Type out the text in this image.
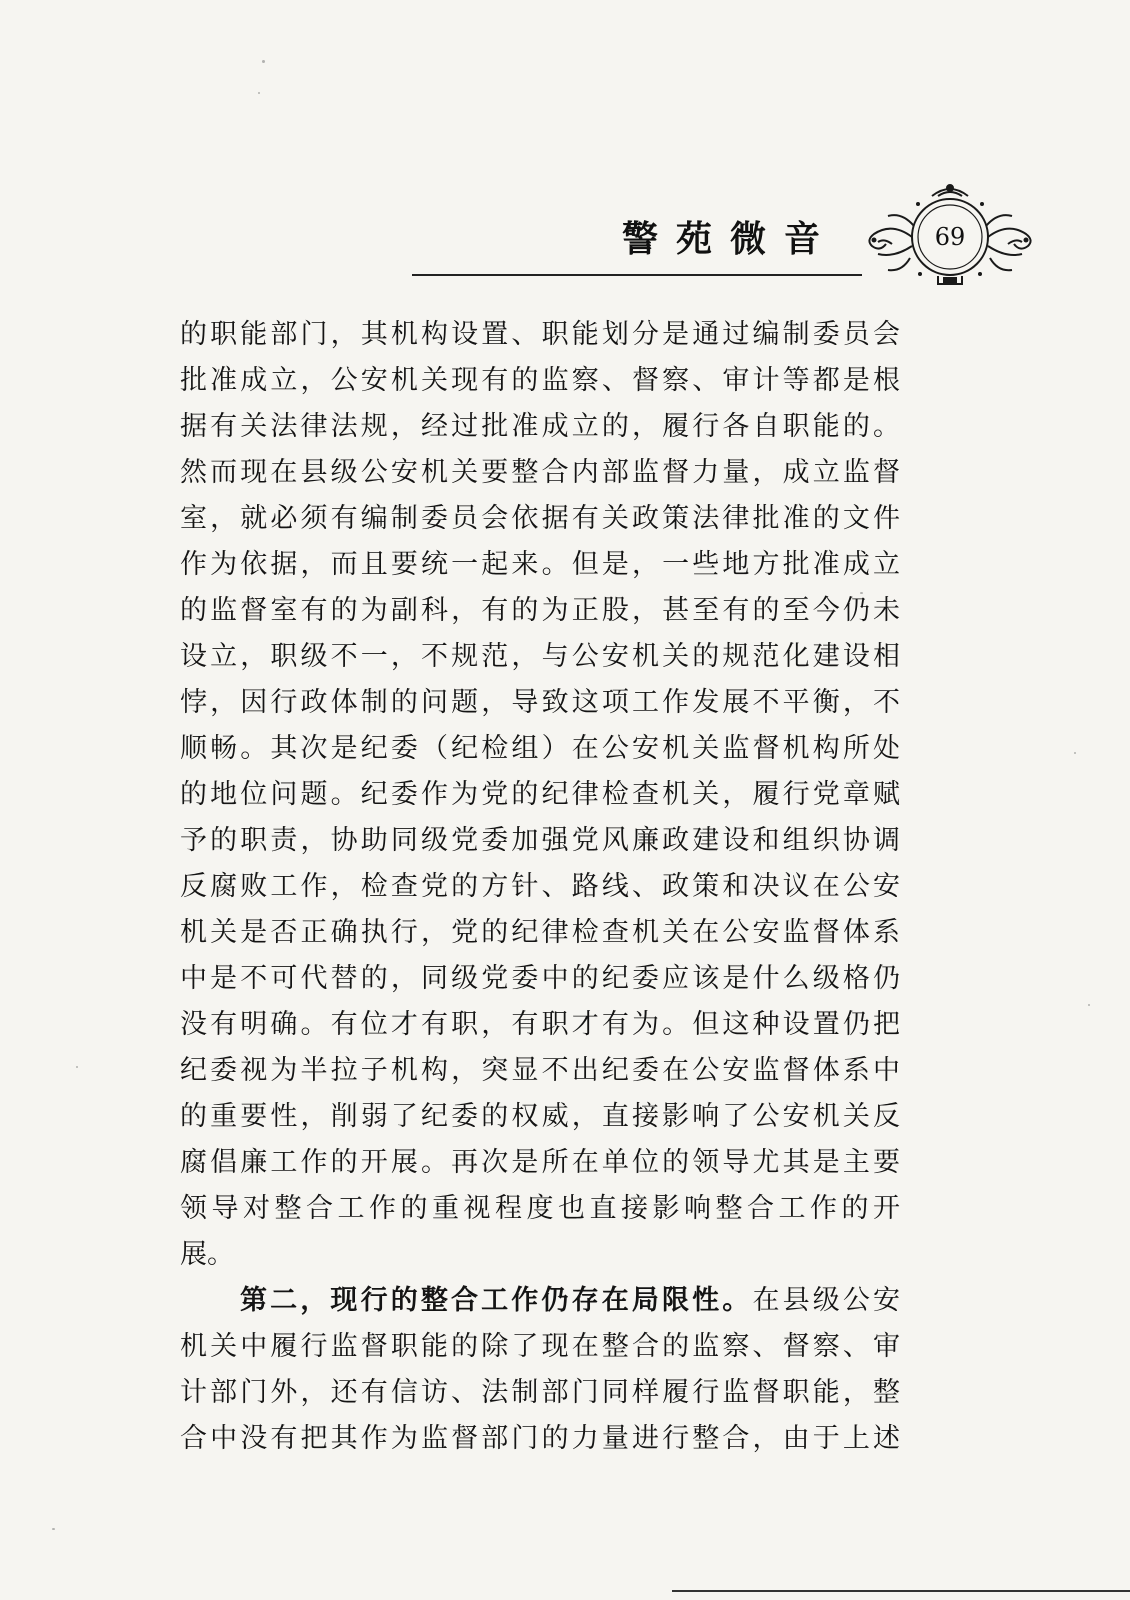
警苑微音	69
的职能部门，其机构设置、职能划分是通过编制委员会
批准成立，公安机关现有的监察、督察、审计等都是根
据有关法律法规，经过批准成立的，履行各自职能的。
然而现在县级公安机关要整合内部监督力量，成立监督
室，就必须有编制委员会依据有关政策法律批准的文件
作为依据，而且要统一起来。但是，一些地方批准成立
的监督室有的为副科，有的为正股，甚至有的至今仍未
设立，职级不一，不规范，与公安机关的规范化建设相
悖，因行政体制的问题，导致这项工作发展不平衡，不
顺畅。其次是纪委（纪检组）在公安机关监督机构所处
的地位问题。纪委作为党的纪律检查机关，履行党章赋
予的职责，协助同级党委加强党风廉政建设和组织协调
反腐败工作，检查党的方针、路线、政策和决议在公安
机关是否正确执行，党的纪律检查机关在公安监督体系
中是不可代替的，同级党委中的纪委应该是什么级格仍
没有明确。有位才有职，有职才有为。但这种设置仍把
纪委视为半拉子机构，突显不出纪委在公安监督体系中
的重要性，削弱了纪委的权威，直接影响了公安机关反
腐倡廉工作的开展。再次是所在单位的领导尤其是主要
领导对整合工作的重视程度也直接影响整合工作的开
展。
第二，现行的整合工作仍存在局限性。在县级公安
机关中履行监督职能的除了现在整合的监察、督察、审
计部门外，还有信访、法制部门同样履行监督职能，整
合中没有把其作为监督部门的力量进行整合，由于上述
